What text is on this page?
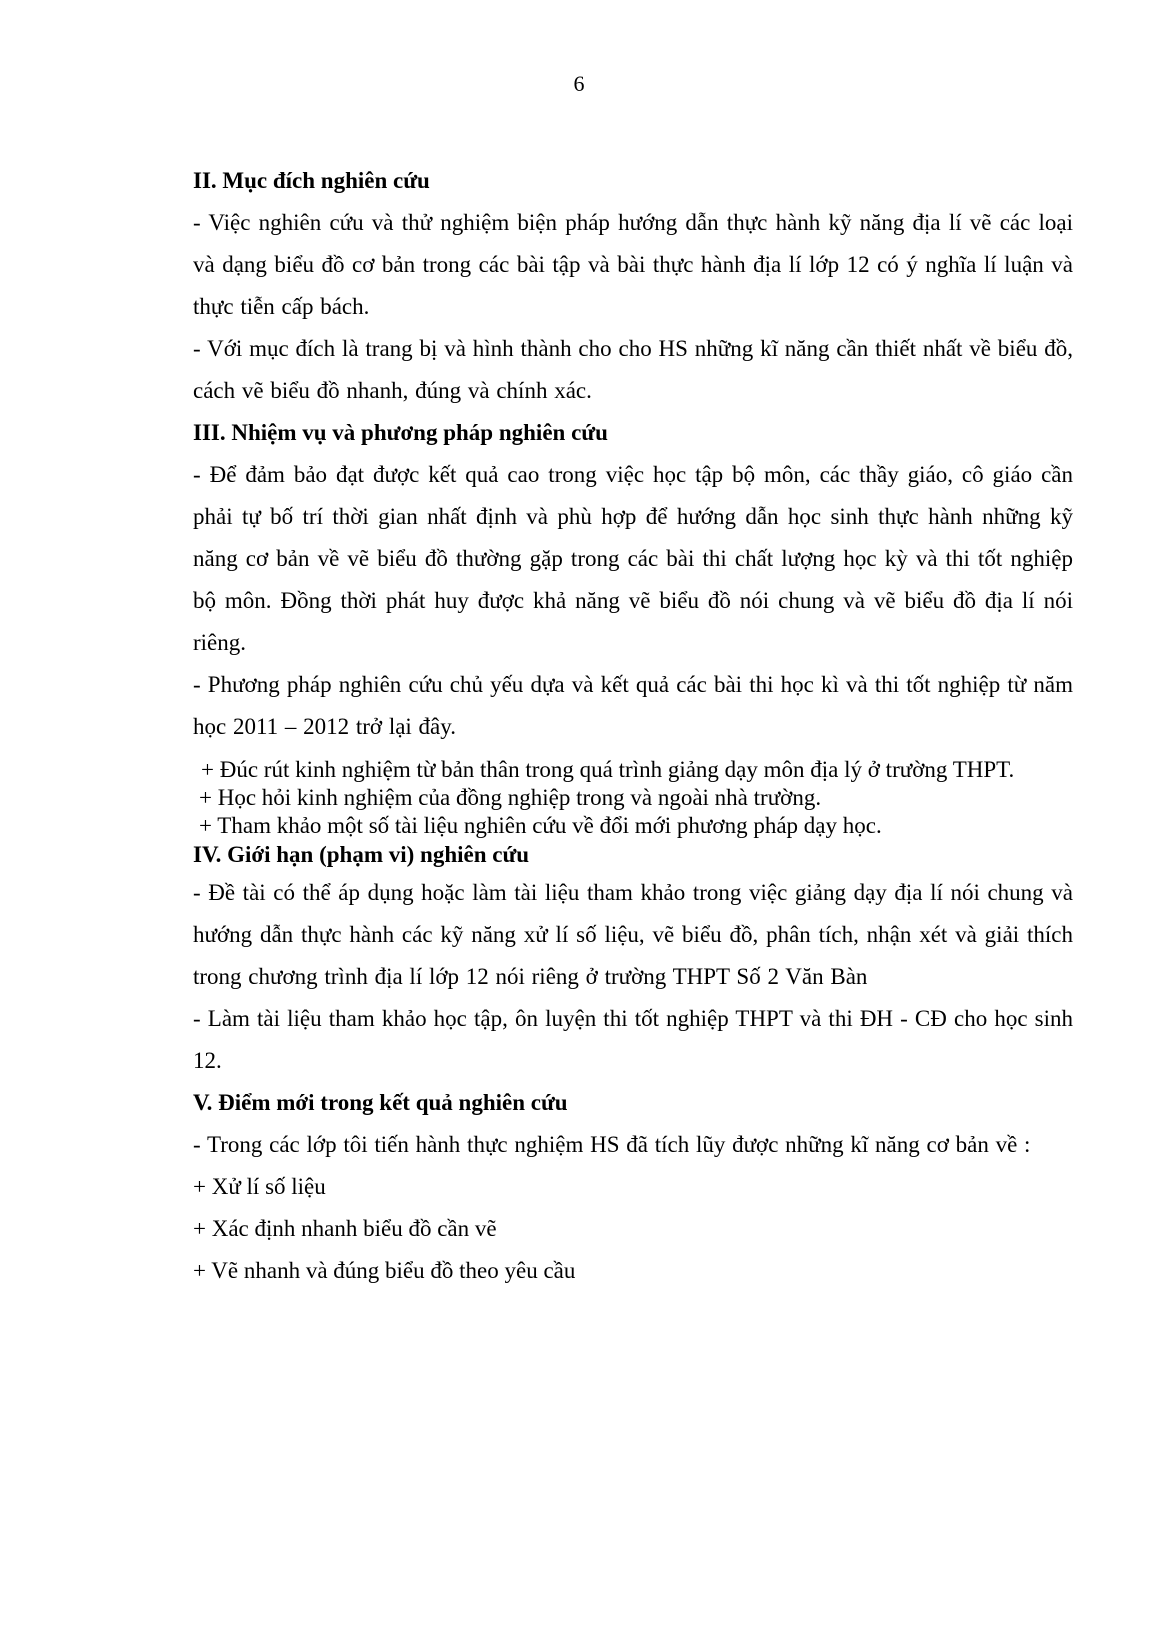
6

II. Mục đích nghiên cứu

- Việc nghiên cứu và thử nghiệm biện pháp hướng dẫn thực hành kỹ năng địa lí vẽ các loại và dạng biểu đồ cơ bản trong các bài tập và bài thực hành địa lí lớp 12 có ý nghĩa lí luận và thực tiễn cấp bách.

- Với mục đích là trang bị và hình thành cho cho HS những kĩ năng cần thiết nhất về biểu đồ, cách vẽ biểu đồ nhanh, đúng và chính xác.

III. Nhiệm vụ và phương pháp nghiên cứu

- Để đảm bảo đạt được kết quả cao trong việc học tập bộ môn, các thầy giáo, cô giáo cần phải tự bố trí thời gian nhất định và phù hợp để hướng dẫn học sinh thực hành những kỹ năng cơ bản về vẽ biểu đồ thường gặp trong các bài thi chất lượng học kỳ và thi tốt nghiệp bộ môn. Đồng thời phát huy được khả năng vẽ biểu đồ nói chung và vẽ biểu đồ địa lí nói riêng.

- Phương pháp nghiên cứu chủ yếu dựa và kết quả các bài thi học kì và thi tốt nghiệp từ năm học 2011 – 2012 trở lại đây.

+ Đúc rút kinh nghiệm từ bản thân trong quá trình giảng dạy môn địa lý ở trường THPT.

+ Học hỏi kinh nghiệm của đồng nghiệp trong và ngoài nhà trường.

+ Tham khảo một số tài liệu nghiên cứu về đổi mới phương pháp dạy học.

IV. Giới hạn (phạm vi) nghiên cứu

- Đề tài có thể áp dụng hoặc làm tài liệu tham khảo trong việc giảng dạy địa lí nói chung và hướng dẫn thực hành các kỹ năng xử lí số liệu, vẽ biểu đồ, phân tích, nhận xét và giải thích trong chương trình địa lí lớp 12 nói riêng ở trường THPT Số 2 Văn Bàn

- Làm tài liệu tham khảo học tập, ôn luyện thi tốt nghiệp THPT và thi ĐH - CĐ cho học sinh 12.

V. Điểm mới trong kết quả nghiên cứu

- Trong các lớp tôi tiến hành thực nghiệm HS đã tích lũy được những kĩ năng cơ bản về :

+ Xử lí số liệu

+ Xác định nhanh biểu đồ cần vẽ

+ Vẽ nhanh và đúng biểu đồ theo yêu cầu
